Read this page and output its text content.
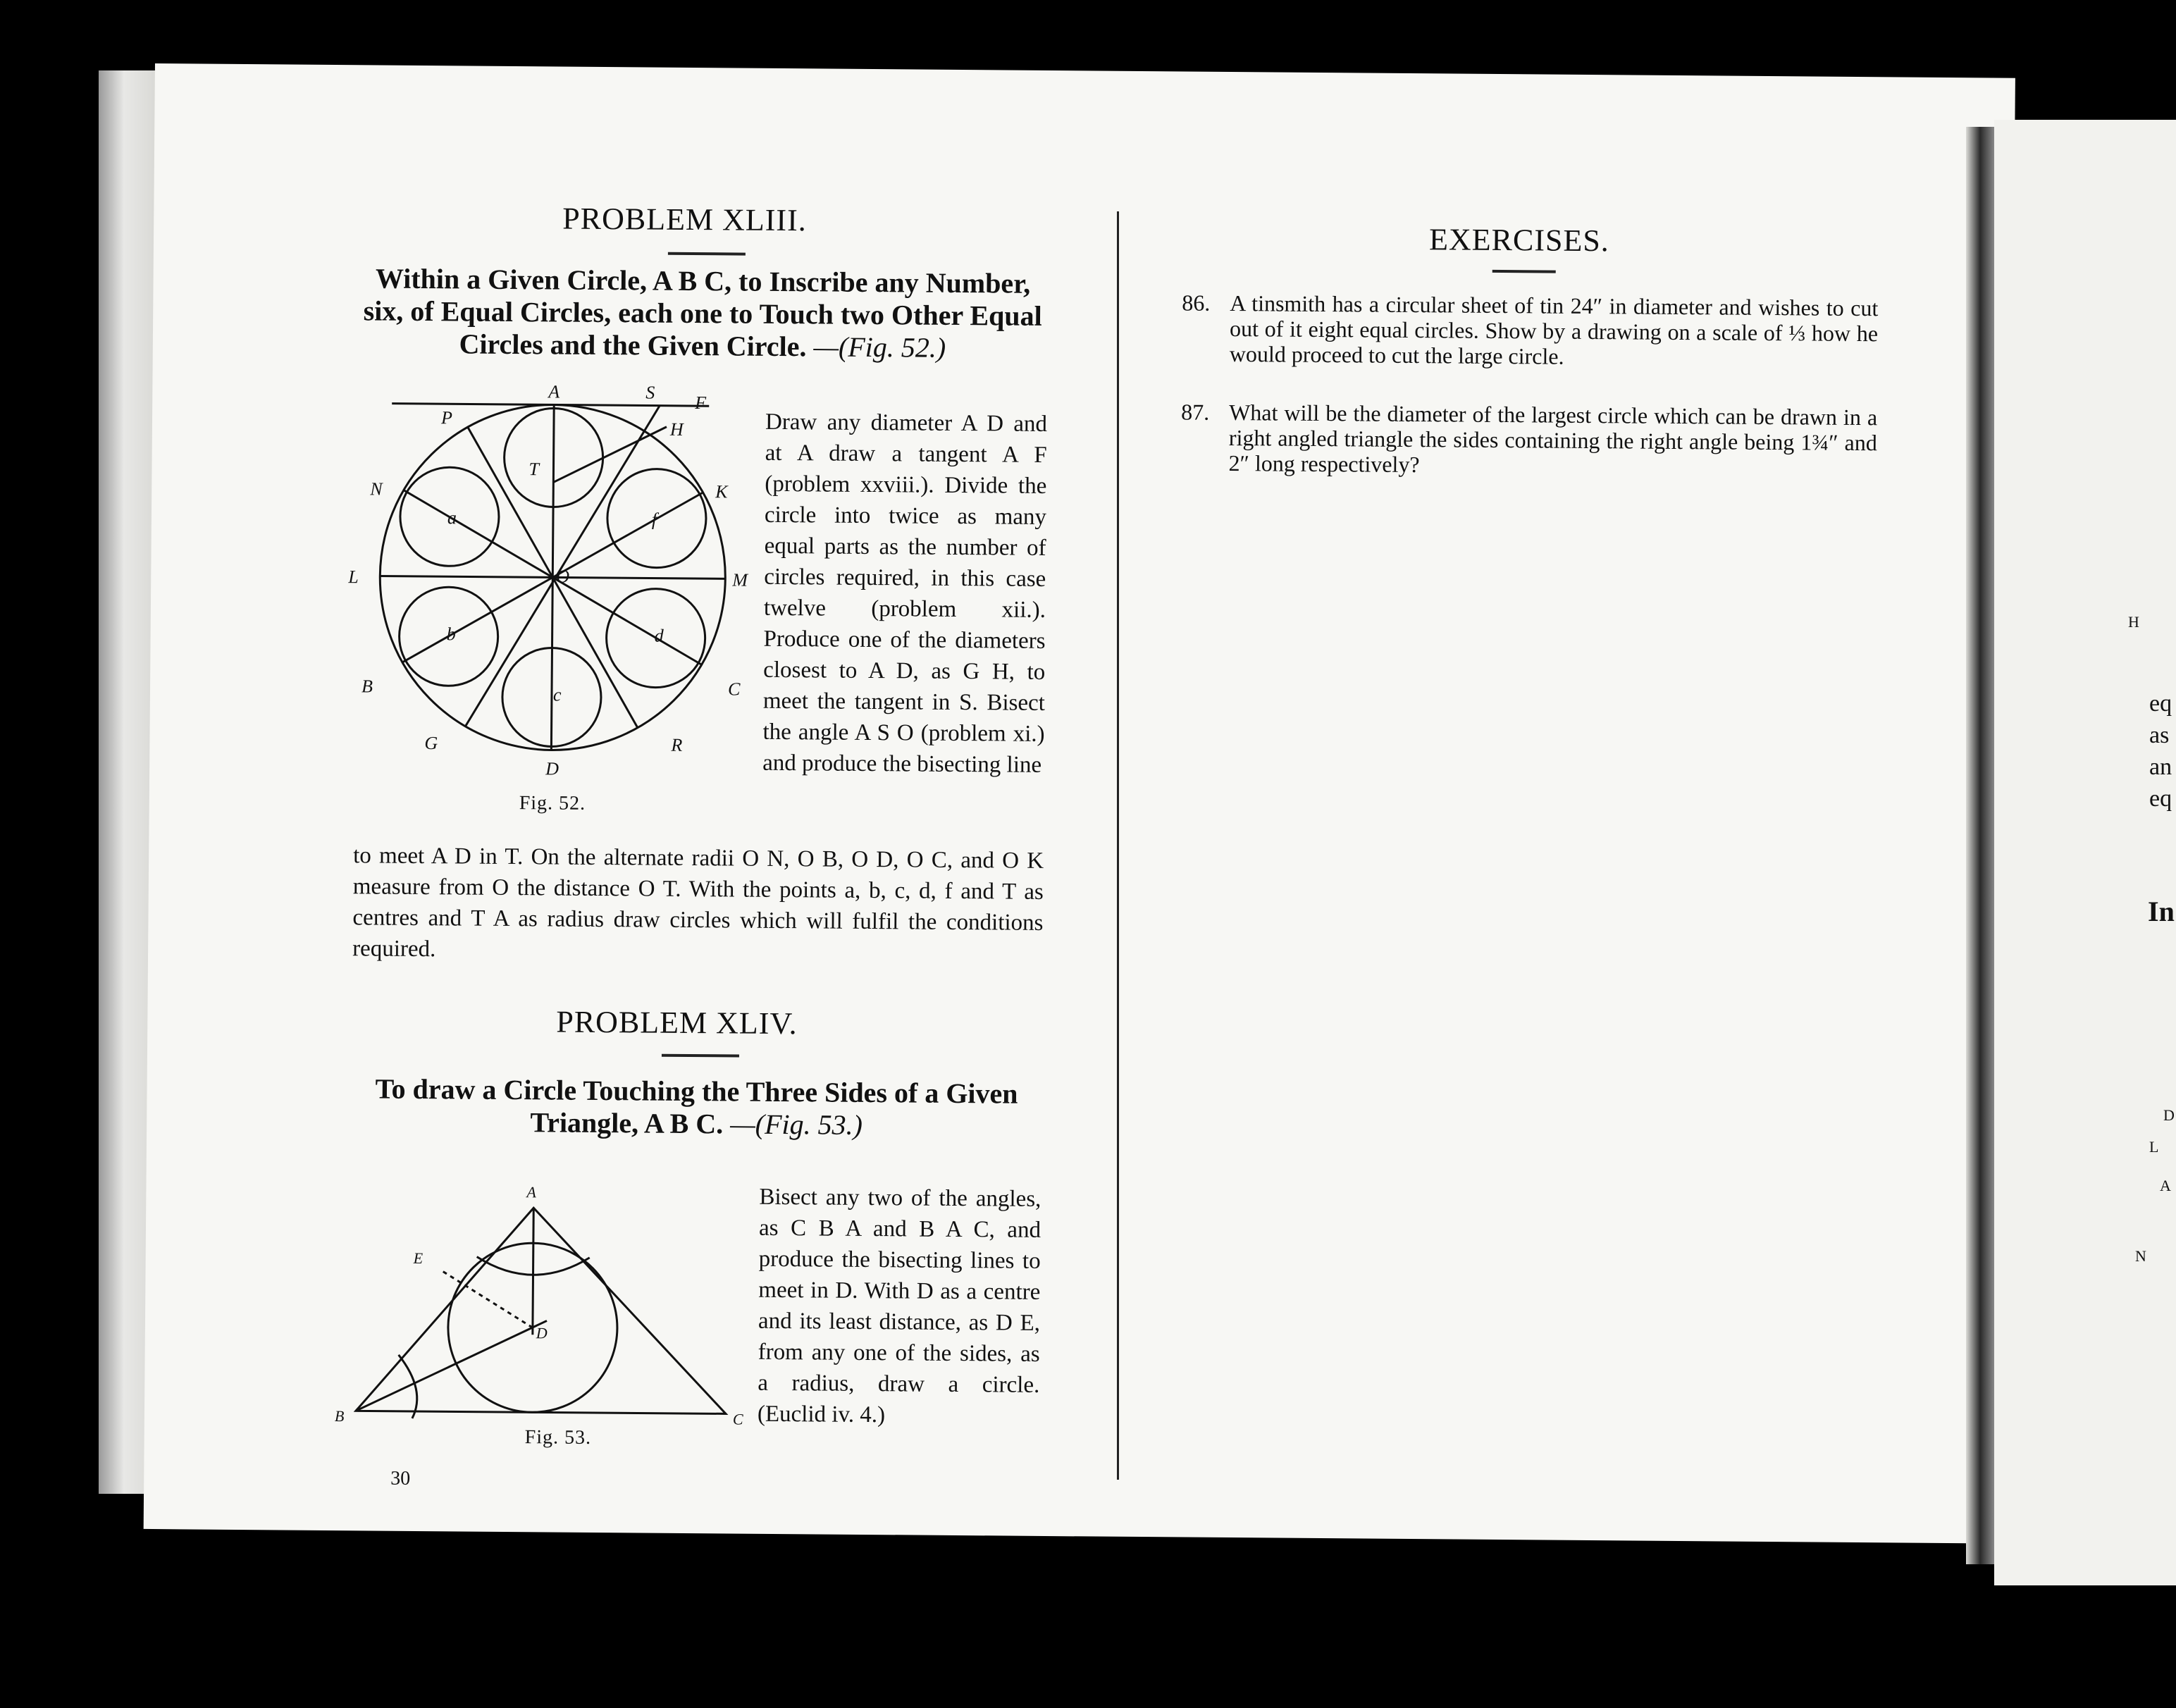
PROBLEM XLIII.
Within a Given Circle, A B C, to Inscribe any Number, six, of Equal Circles, each one to Touch two Other Equal Circles and the Given Circle. —(Fig. 52.)
A	S F
P
H
T
N	K
L	M
O
B	C
G	R
D
a
b
c
d
f
Fig. 52.
Draw any diameter A D and at A draw a tangent A F (problem xxviii.). Divide the circle into twice as many equal parts as the number of circles required, in this case twelve (problem xii.). Produce one of the diameters closest to A D, as G H, to meet the tangent in S. Bisect the angle A S O (problem xi.) and produce the bisecting line
to meet A D in T. On the alternate radii O N, O B, O D, O C, and O K measure from O the distance O T. With the points a, b, c, d, f and T as centres and T A as radius draw circles which will fulfil the conditions required.
PROBLEM XLIV.
To draw a Circle Touching the Three Sides of a Given Triangle, A B C. —(Fig. 53.)
A
E
D
B	C
Fig. 53.
Bisect any two of the angles, as C B A and B A C, and produce the bisecting lines to meet in D. With D as a centre and its least distance, as D E, from any one of the sides, as a radius, draw a circle. (Euclid iv. 4.)
30
EXERCISES.
86. A tinsmith has a circular sheet of tin 24″ in diameter and wishes to cut out of it eight equal circles. Show by a drawing on a scale of ⅓ how he would proceed to cut the large circle.
87. What will be the diameter of the largest circle which can be drawn in a right angled triangle the sides containing the right angle being 1¾″ and 2″ long respectively?
H
eq
as
an
eq
In
D
L
A
N
